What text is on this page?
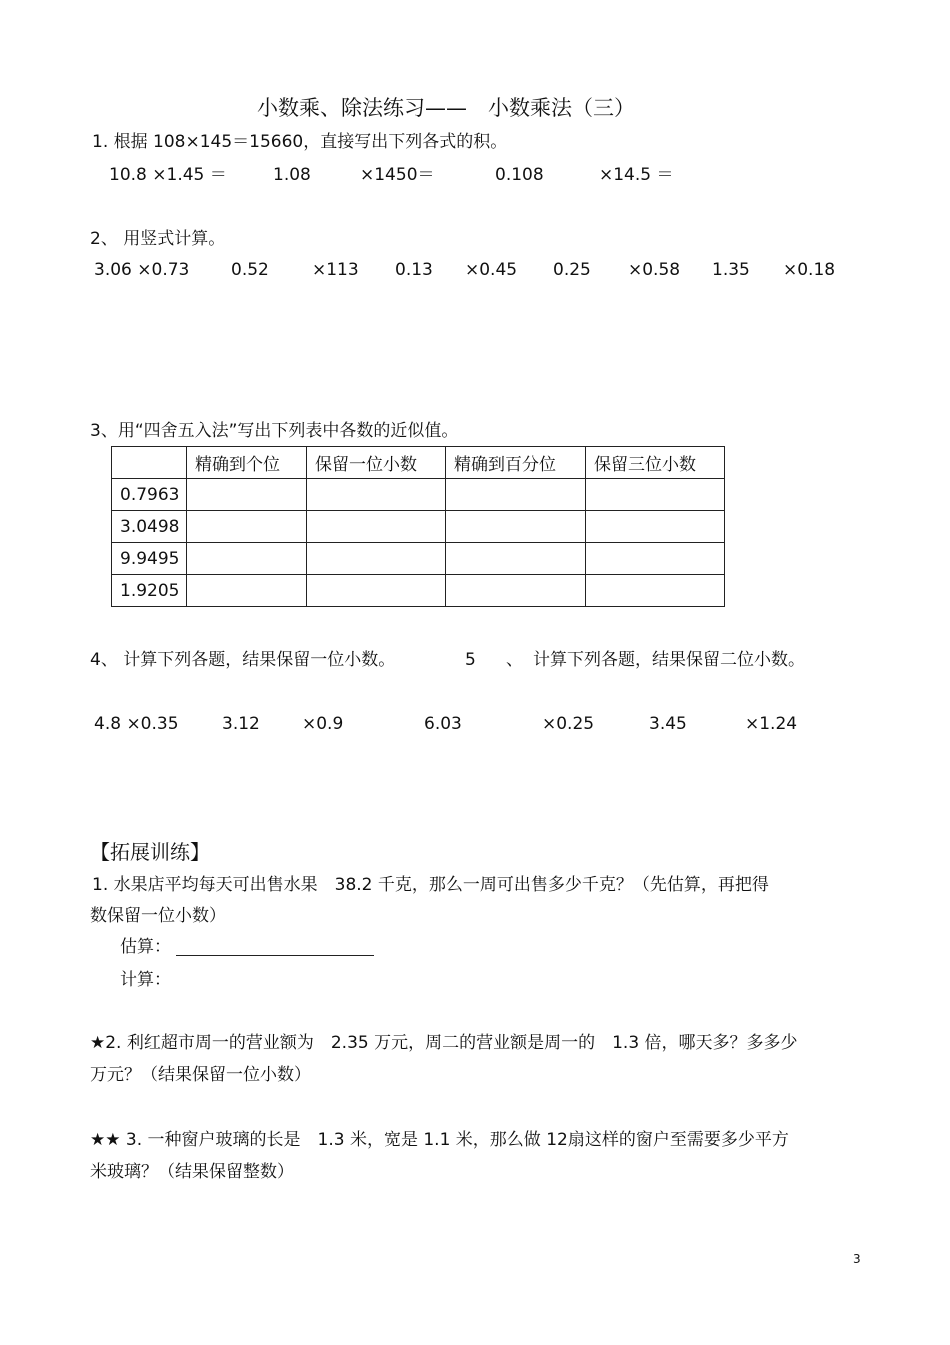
小数乘、除法练习——　小数乘法（三）
1. 根据 108×145＝15660，直接写出下列各式的积。
10.8 ×1.45 ＝	1.08	×1450＝	0.108	×14.5 ＝
2、 用竖式计算。
3.06 ×0.73 0.52	×113 0.13 ×0.45 0.25 ×0.58 1.35 ×0.18
3、用“四舍五入法”写出下列表中各数的近似值。
	精确到个位	保留一位小数	精确到百分位	保留三位小数
0.7963				
3.0498				
9.9495				
1.9205				
4、 计算下列各题，结果保留一位小数。	5 、 计算下列各题，结果保留二位小数。
4.8 ×0.35	3.12 ×0.9	6.03	×0.25	3.45	×1.24
【拓展训练】
1. 水果店平均每天可出售水果　38.2 千克，那么一周可出售多少千克？（先估算，再把得
数保留一位小数）
估算：
计算：
★2. 利红超市周一的营业额为　2.35 万元，周二的营业额是周一的　1.3 倍，哪天多？多多少
万元？（结果保留一位小数）
★★ 3. 一种窗户玻璃的长是　1.3 米，宽是 1.1 米，那么做 12扇这样的窗户至需要多少平方
米玻璃？（结果保留整数）
3
